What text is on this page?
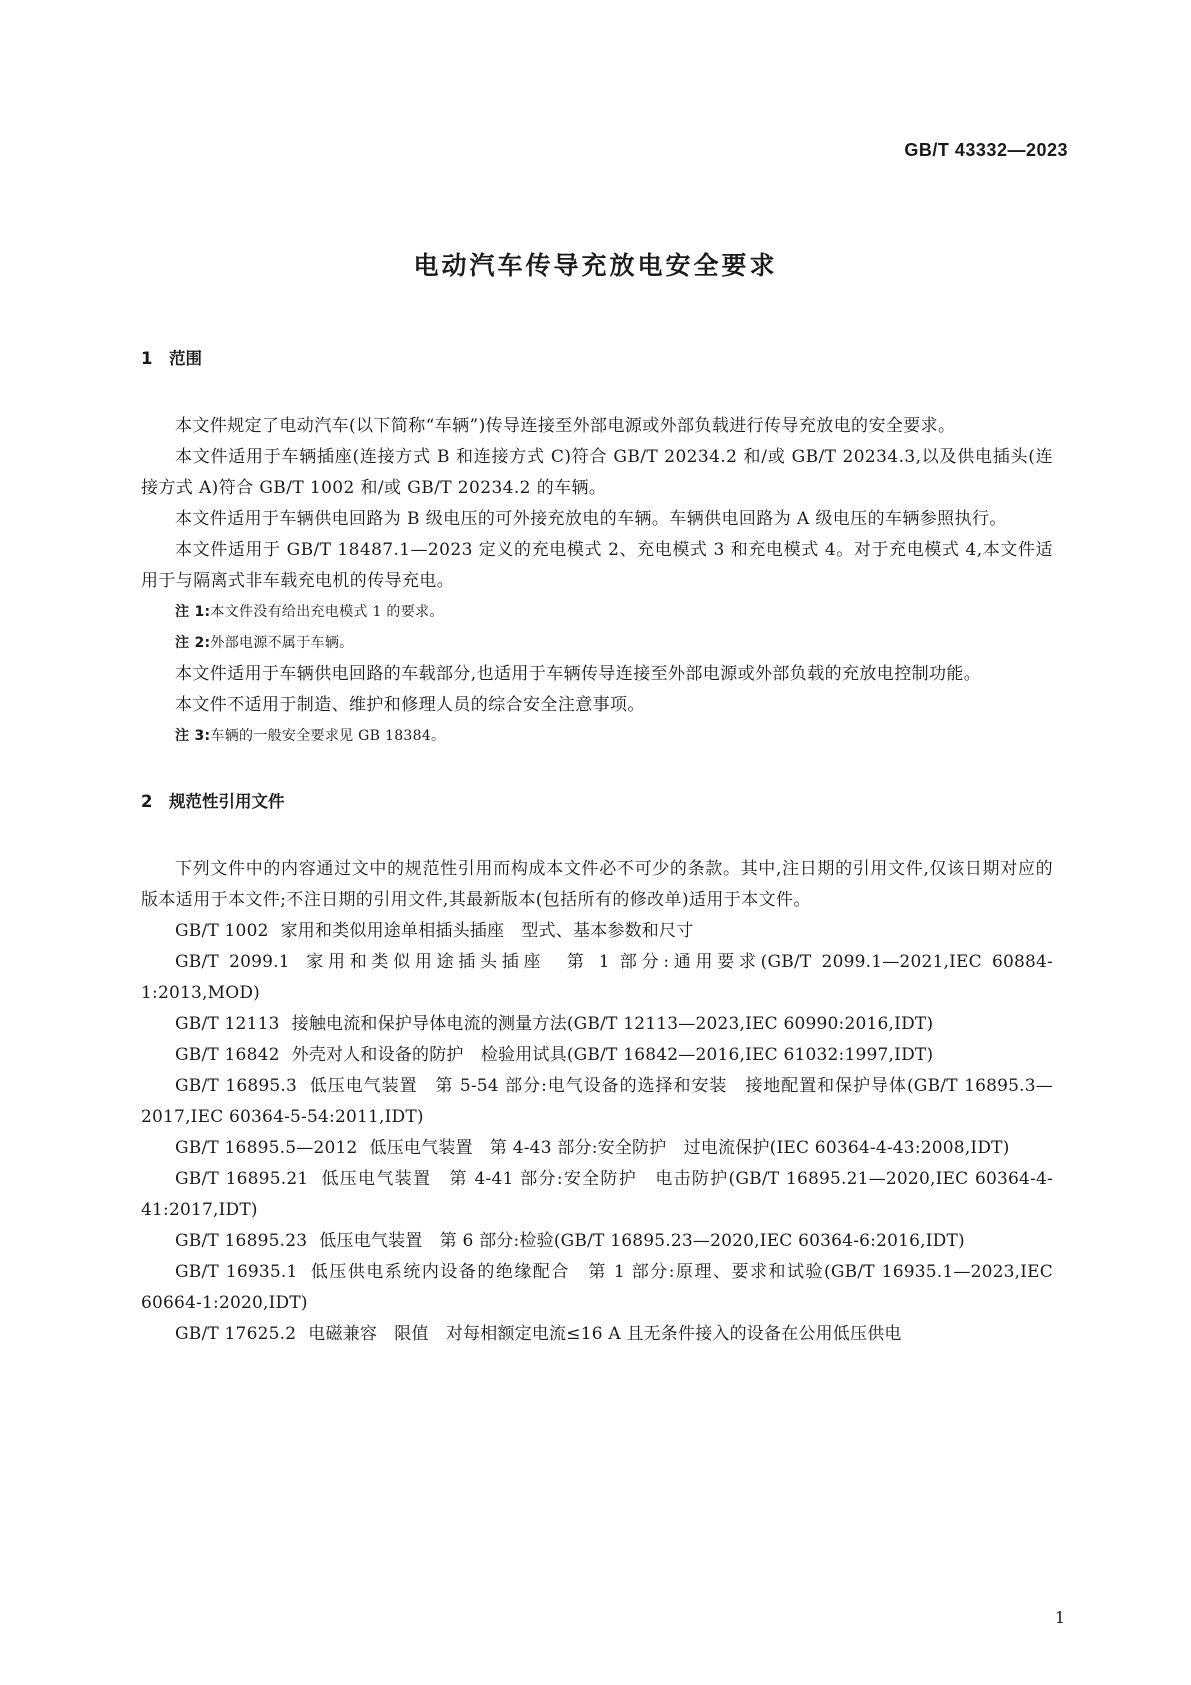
GB/T 43332—2023
电动汽车传导充放电安全要求
1 范围

本文件规定了电动汽车(以下简称“车辆”)传导连接至外部电源或外部负载进行传导充放电的安全要求。

本文件适用于车辆插座(连接方式 B 和连接方式 C)符合 GB/T 20234.2 和/或 GB/T 20234.3,以及供电插头(连接方式 A)符合 GB/T 1002 和/或 GB/T 20234.2 的车辆。

本文件适用于车辆供电回路为 B 级电压的可外接充放电的车辆。车辆供电回路为 A 级电压的车辆参照执行。

本文件适用于 GB/T 18487.1—2023 定义的充电模式 2、充电模式 3 和充电模式 4。对于充电模式 4,本文件适用于与隔离式非车载充电机的传导充电。

注 1:本文件没有给出充电模式 1 的要求。

注 2:外部电源不属于车辆。

本文件适用于车辆供电回路的车载部分,也适用于车辆传导连接至外部电源或外部负载的充放电控制功能。

本文件不适用于制造、维护和修理人员的综合安全注意事项。

注 3:车辆的一般安全要求见 GB 18384。

2 规范性引用文件

下列文件中的内容通过文中的规范性引用而构成本文件必不可少的条款。其中,注日期的引用文件,仅该日期对应的版本适用于本文件;不注日期的引用文件,其最新版本(包括所有的修改单)适用于本文件。

GB/T 1002 家用和类似用途单相插头插座　型式、基本参数和尺寸

GB/T 2099.1 家用和类似用途插头插座　第 1 部分:通用要求(GB/T 2099.1—2021,IEC 60884-1:2013,MOD)

GB/T 12113 接触电流和保护导体电流的测量方法(GB/T 12113—2023,IEC 60990:2016,IDT)

GB/T 16842 外壳对人和设备的防护　检验用试具(GB/T 16842—2016,IEC 61032:1997,IDT)

GB/T 16895.3 低压电气装置　第 5-54 部分:电气设备的选择和安装　接地配置和保护导体(GB/T 16895.3—2017,IEC 60364-5-54:2011,IDT)

GB/T 16895.5—2012 低压电气装置　第 4-43 部分:安全防护　过电流保护(IEC 60364-4-43:2008,IDT)

GB/T 16895.21 低压电气装置　第 4-41 部分:安全防护　电击防护(GB/T 16895.21—2020,IEC 60364-4-41:2017,IDT)

GB/T 16895.23 低压电气装置　第 6 部分:检验(GB/T 16895.23—2020,IEC 60364-6:2016,IDT)

GB/T 16935.1 低压供电系统内设备的绝缘配合　第 1 部分:原理、要求和试验(GB/T 16935.1—2023,IEC 60664-1:2020,IDT)

GB/T 17625.2 电磁兼容　限值　对每相额定电流≤16 A 且无条件接入的设备在公用低压供电

1
